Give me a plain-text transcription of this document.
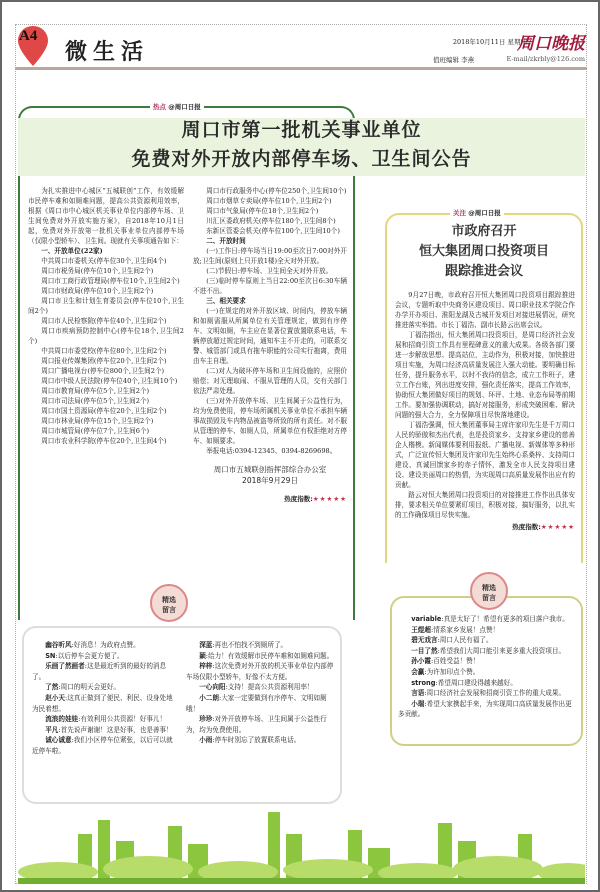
A4
微生活	2018年10月11日 星期四
周口晚报
值班编辑 李燕	E-mail/zkrbly@126.com
热点 @周口日报
周口市第一批机关事业单位
免费对外开放内部停车场、卫生间公告

为扎实推进中心城区“五城联创”工作，有效缓解市民停车难和如厕难问题，提高公共资源利用效率，根据《周口市中心城区机关事业单位内部停车场、卫生间免费对外开放实施方案》，自2018年10月1日起，免费对外开放第一批机关事业单位内部停车场（仅限小型轿车）、卫生间。现就有关事项通告如下：

一、开放单位(22家)

中共周口市委机关(停车位30个,卫生间4个)

周口市税务局(停车位10个,卫生间2个)

周口市工商行政管理局(停车位10个,卫生间2个)

周口市财政局(停车位10个,卫生间2个)

周口市卫生和计划生育委员会(停车位10个,卫生间2个)

周口市人民检察院(停车位40个,卫生间2个)

周口市疾病预防控制中心(停车位18个,卫生间2个)

中共周口市委党校(停车位80个,卫生间2个)

周口报业传媒集团(停车位20个,卫生间2个)

周口广播电视台(停车位800个,卫生间2个)

周口市中级人民法院(停车位40个,卫生间10个)

周口市教育局(停车位5个,卫生间2个)

周口市司法局(停车位5个,卫生间2个)

周口市国土资源局(停车位20个,卫生间2个)

周口市林业局(停车位15个,卫生间2个)

周口市城管局(停车位7个,卫生间6个)

周口市农业科学院(停车位20个,卫生间4个)

周口市行政服务中心(停车位250个,卫生间10个)

周口市烟草专卖局(停车位10个,卫生间2个)

周口市气象局(停车位18个,卫生间2个)

川汇区委政府机关(停车位180个,卫生间8个)

东新区管委会机关(停车位100个,卫生间10个)

二、开放时间

(一)工作日:停车场当日19:00至次日7:00对外开放;卫生间(原则上只开放1楼)全天对外开放。

(二)节假日:停车场、卫生间全天对外开放。

(三)临时停车原则上当日22:00至次日6:30车辆不进不出。

三、相关要求

(一)在规定的对外开放区域、时间内，停放车辆和如厕需服从所属单位有关管理规定，做到有序停车、文明如厕，车主应在显著位置放置联系电话，车辆停放超过规定时间，通知车主不开走的，可联系交警、城管部门或具有拖车职能的公司实行拖离，费用由车主自理。

(二)对人为破坏停车场和卫生间设施的，应照价赔偿；对无理取闹、不服从管理的人员，交有关部门依法严肃处理。

(三)对外开放停车场、卫生间属于公益性行为，均为免费使用，停车场所属机关事业单位不承担车辆事故损毁及车内物品被盗等所致的所有责任。对不服从管理的停车、如厕人员，所属单位有权拒绝对方停车、如厕要求。

举报电话:0394-12345、0394-8269698。

周口市五城联创指挥部综合办公室
2018年9月29日
热度指数:★★★★★
精选
留言

幽谷听风:好消息！为政府点赞。

SN:以后停车会更方便了。

乐画了然画者:这是最近听到的最好的消息了。

了然:周口的明天会更好。

赵小天:这真正做到了便民、利民、设身处地为民着想。

流浪的娃娃:有效利用公共资源！好事儿！

平凡:首先说声谢谢！这是好事，也是善事！

诚心诚意:我们小区停车位紧张，以后可以就近停车啦。

深蓝:再也不怕找不到厕所了。

颖:给力！有效缓解市民停车难和如厕难问题。

梓梓:这次免费对外开放的机关事业单位内部停车场仅限小型轿车，好像不太方便。

一心向阳:支持！提高公共资源利用率！

小二朗:大家一定要做到有序停车、文明如厕哦！

珍珍:对外开放停车场、卫生间属于公益性行为，均为免费使用。

小雨:停车时别忘了放置联系电话。

关注 @周口日报
市政府召开
恒大集团周口投资项目
跟踪推进会议

9月27日晚，市政府召开恒大集团周口投资项目跟踪推进会议，专题听取中央商务区建设项目、周口职业技术学院合作办学开办项目、淮阳龙湖及古城开发项目对接进展情况，研究推进落实举措。市长丁福浩、副市长路云出席会议。

丁福浩指出，恒大集团周口投资项目，是周口经济社会发展和招商引资工作具有里程碑意义的重大成果。各级各部门要进一步解放思想、提高站位，主动作为，积极对接，加快推进项目实施，为周口经济高质量发展注入强大动能。要明确目标任务，提升服务水平，以时不我待的信念，成立工作班子，建立工作台账，列出进度安排，强化责任落实，提高工作效率，协助恒大集团做好项目的规划、环评、土地、业态布局等前期工作。要加强协调联动，搞好对接服务，形成突破困难、解决问题的强大合力，全力保障项目尽快落地建设。

丁福浩强调，恒大集团董事局主席许家印先生是千万周口人民的骄傲和杰出代表，也是投资家乡、支持家乡建设的慈善企人楷模。新闻媒体要利用报纸、广播电视、新媒体等多种形式，广泛宣传恒大集团及许家印先生始终心系桑梓、支持周口建设、真诚回馈家乡的赤子情怀，激发全市人民支持项目建设、建设美丽周口的热情，为实现周口高质量发展作出应有的贡献。

路云对恒大集团周口投资项目的对接推进工作作出具体安排，要求相关单位要紧盯项目，积极对接，搞好服务，以扎实的工作确保项目尽快实施。

热度指数:★★★★★
精选
留言

variable:真是太好了！希望有更多的项目落户我市。

王煜超:情系家乡发展！点赞！

碧无戏言:周口人民有福了。

一目了然:希望我们大周口能引来更多重大投资项目。

孙小霞:百姓受益！赞！

会赢:为许加印点个赞。

strong:希望周口建设得越来越好。

言语:周口经济社会发展和招商引资工作的重大成果。

小瑞:希望大家携起手来，为实现周口高质量发展作出更多贡献。
